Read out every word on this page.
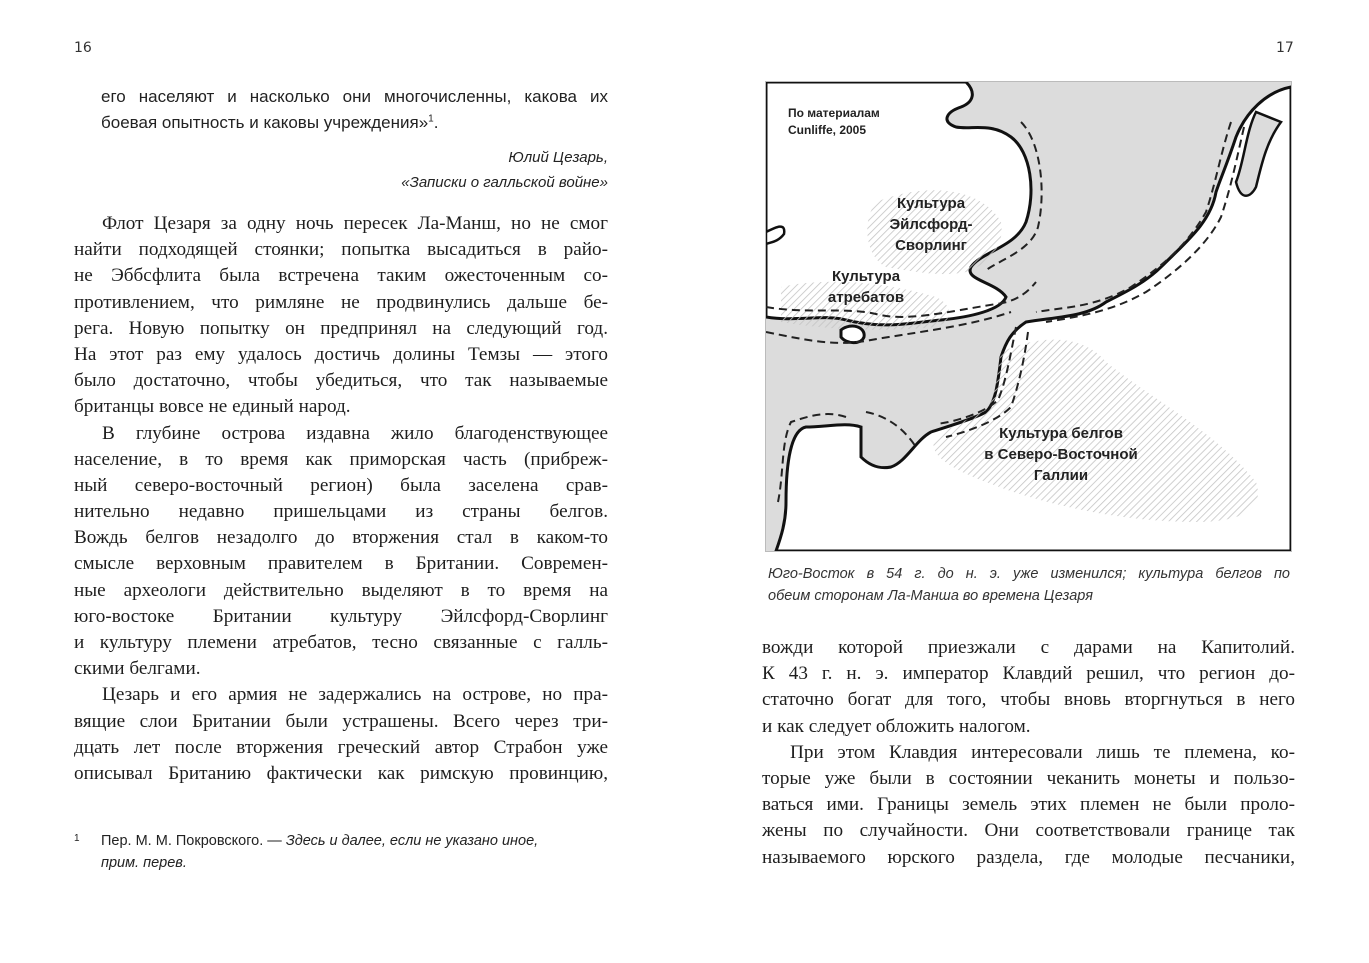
16
его населяют и насколько они многочисленны, какова их
боевая опытность и каковы учреждения»$^1$.
Юлий Цезарь,
«Записки о галльской войне»
Флот Цезаря за одну ночь пересек Ла-Манш, но не смог
найти подходящей стоянки; попытка высадиться в райо-
не Эббсфлита была встречена таким ожесточенным со-
противлением, что римляне не продвинулись дальше бе-
рега. Новую попытку он предпринял на следующий год.
На этот раз ему удалось достичь долины Темзы — этого
было достаточно, чтобы убедиться, что так называемые
британцы вовсе не единый народ.
В глубине острова издавна жило благоденствующее
население, в то время как приморская часть (прибреж-
ный северо-восточный регион) была заселена срав-
нительно недавно пришельцами из страны белгов.
Вождь белгов незадолго до вторжения стал в каком-то
смысле верховным правителем в Британии. Современ-
ные археологи действительно выделяют в то время на
юго-востоке Британии культуру Эйлсфорд-Сворлинг
и культуру племени атребатов, тесно связанные с галль-
скими белгами.
Цезарь и его армия не задержались на острове, но пра-
вящие слои Британии были устрашены. Всего через три-
дцать лет после вторжения греческий автор Страбон уже
описывал Британию фактически как римскую провинцию,
1 Пер. М. М. Покровского. — Здесь и далее, если не указано иное,
прим. перев.
17
По материалам
Cunliffe, 2005
Культура
Эйлсфорд-
Сворлинг
Культура
атребатов
Культура белгов
в Северо-Восточной
Галлии
Юго-Восток в 54 г. до н. э. уже изменился; культура белгов по
обеим сторонам Ла-Манша во времена Цезаря
вожди которой приезжали с дарами на Капитолий.
К 43 г. н. э. император Клавдий решил, что регион до-
статочно богат для того, чтобы вновь вторгнуться в него
и как следует обложить налогом.
При этом Клавдия интересовали лишь те племена, ко-
торые уже были в состоянии чеканить монеты и пользо-
ваться ими. Границы земель этих племен не были проло-
жены по случайности. Они соответствовали границе так
называемого юрского раздела, где молодые песчаники,
